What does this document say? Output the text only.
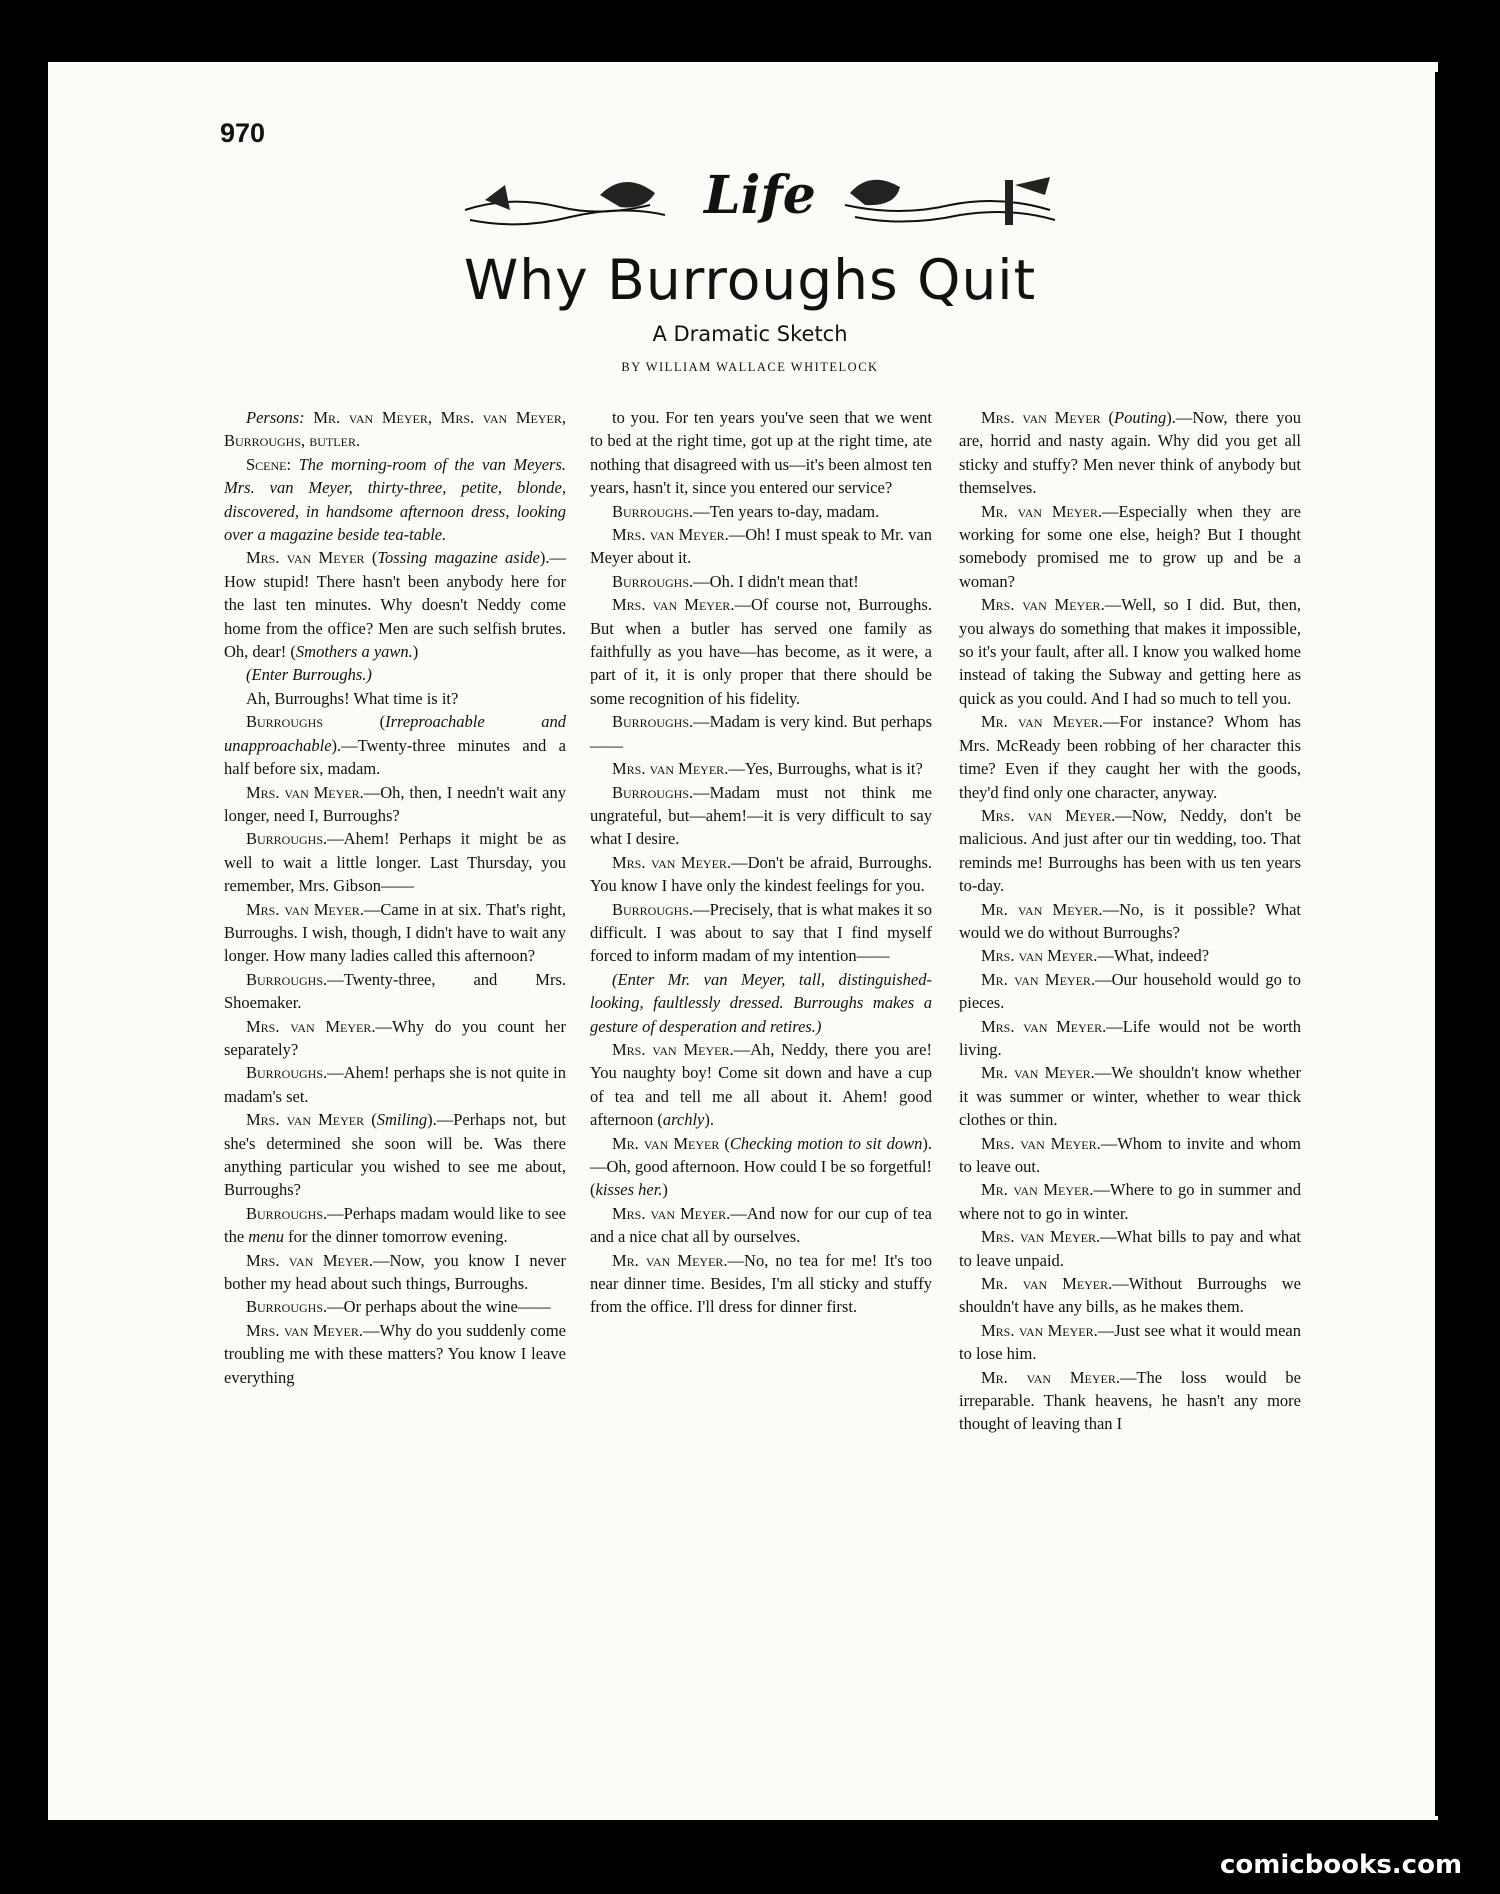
970
Life
Why Burroughs Quit
A Dramatic Sketch
BY WILLIAM WALLACE WHITELOCK

Persons: Mr. van Meyer, Mrs. van Meyer, Burroughs, butler.

Scene: The morning-room of the van Meyers. Mrs. van Meyer, thirty-three, petite, blonde, discovered, in handsome afternoon dress, looking over a magazine beside tea-table.

Mrs. van Meyer (Tossing magazine aside).—How stupid! There hasn't been anybody here for the last ten minutes. Why doesn't Neddy come home from the office? Men are such selfish brutes. Oh, dear! (Smothers a yawn.)

(Enter Burroughs.)

Ah, Burroughs! What time is it?

Burroughs (Irreproachable and unapproachable).—Twenty-three minutes and a half before six, madam.

Mrs. van Meyer.—Oh, then, I needn't wait any longer, need I, Burroughs?

Burroughs.—Ahem! Perhaps it might be as well to wait a little longer. Last Thursday, you remember, Mrs. Gibson——

Mrs. van Meyer.—Came in at six. That's right, Burroughs. I wish, though, I didn't have to wait any longer. How many ladies called this afternoon?

Burroughs.—Twenty-three, and Mrs. Shoemaker.

Mrs. van Meyer.—Why do you count her separately?

Burroughs.—Ahem! perhaps she is not quite in madam's set.

Mrs. van Meyer (Smiling).—Perhaps not, but she's determined she soon will be. Was there anything particular you wished to see me about, Burroughs?

Burroughs.—Perhaps madam would like to see the menu for the dinner tomorrow evening.

Mrs. van Meyer.—Now, you know I never bother my head about such things, Burroughs.

Burroughs.—Or perhaps about the wine——

Mrs. van Meyer.—Why do you suddenly come troubling me with these matters? You know I leave everything

to you. For ten years you've seen that we went to bed at the right time, got up at the right time, ate nothing that disagreed with us—it's been almost ten years, hasn't it, since you entered our service?

Burroughs.—Ten years to-day, madam.

Mrs. van Meyer.—Oh! I must speak to Mr. van Meyer about it.

Burroughs.—Oh. I didn't mean that!

Mrs. van Meyer.—Of course not, Burroughs. But when a butler has served one family as faithfully as you have—has become, as it were, a part of it, it is only proper that there should be some recognition of his fidelity.

Burroughs.—Madam is very kind. But perhaps——

Mrs. van Meyer.—Yes, Burroughs, what is it?

Burroughs.—Madam must not think me ungrateful, but—ahem!—it is very difficult to say what I desire.

Mrs. van Meyer.—Don't be afraid, Burroughs. You know I have only the kindest feelings for you.

Burroughs.—Precisely, that is what makes it so difficult. I was about to say that I find myself forced to inform madam of my intention——

(Enter Mr. van Meyer, tall, distinguished-looking, faultlessly dressed. Burroughs makes a gesture of desperation and retires.)

Mrs. van Meyer.—Ah, Neddy, there you are! You naughty boy! Come sit down and have a cup of tea and tell me all about it. Ahem! good afternoon (archly).

Mr. van Meyer (Checking motion to sit down).—Oh, good afternoon. How could I be so forgetful! (kisses her.)

Mrs. van Meyer.—And now for our cup of tea and a nice chat all by ourselves.

Mr. van Meyer.—No, no tea for me! It's too near dinner time. Besides, I'm all sticky and stuffy from the office. I'll dress for dinner first.

Mrs. van Meyer (Pouting).—Now, there you are, horrid and nasty again. Why did you get all sticky and stuffy? Men never think of anybody but themselves.

Mr. van Meyer.—Especially when they are working for some one else, heigh? But I thought somebody promised me to grow up and be a woman?

Mrs. van Meyer.—Well, so I did. But, then, you always do something that makes it impossible, so it's your fault, after all. I know you walked home instead of taking the Subway and getting here as quick as you could. And I had so much to tell you.

Mr. van Meyer.—For instance? Whom has Mrs. McReady been robbing of her character this time? Even if they caught her with the goods, they'd find only one character, anyway.

Mrs. van Meyer.—Now, Neddy, don't be malicious. And just after our tin wedding, too. That reminds me! Burroughs has been with us ten years to-day.

Mr. van Meyer.—No, is it possible? What would we do without Burroughs?

Mrs. van Meyer.—What, indeed?

Mr. van Meyer.—Our household would go to pieces.

Mrs. van Meyer.—Life would not be worth living.

Mr. van Meyer.—We shouldn't know whether it was summer or winter, whether to wear thick clothes or thin.

Mrs. van Meyer.—Whom to invite and whom to leave out.

Mr. van Meyer.—Where to go in summer and where not to go in winter.

Mrs. van Meyer.—What bills to pay and what to leave unpaid.

Mr. van Meyer.—Without Burroughs we shouldn't have any bills, as he makes them.

Mrs. van Meyer.—Just see what it would mean to lose him.

Mr. van Meyer.—The loss would be irreparable. Thank heavens, he hasn't any more thought of leaving than I

comicbooks.com
